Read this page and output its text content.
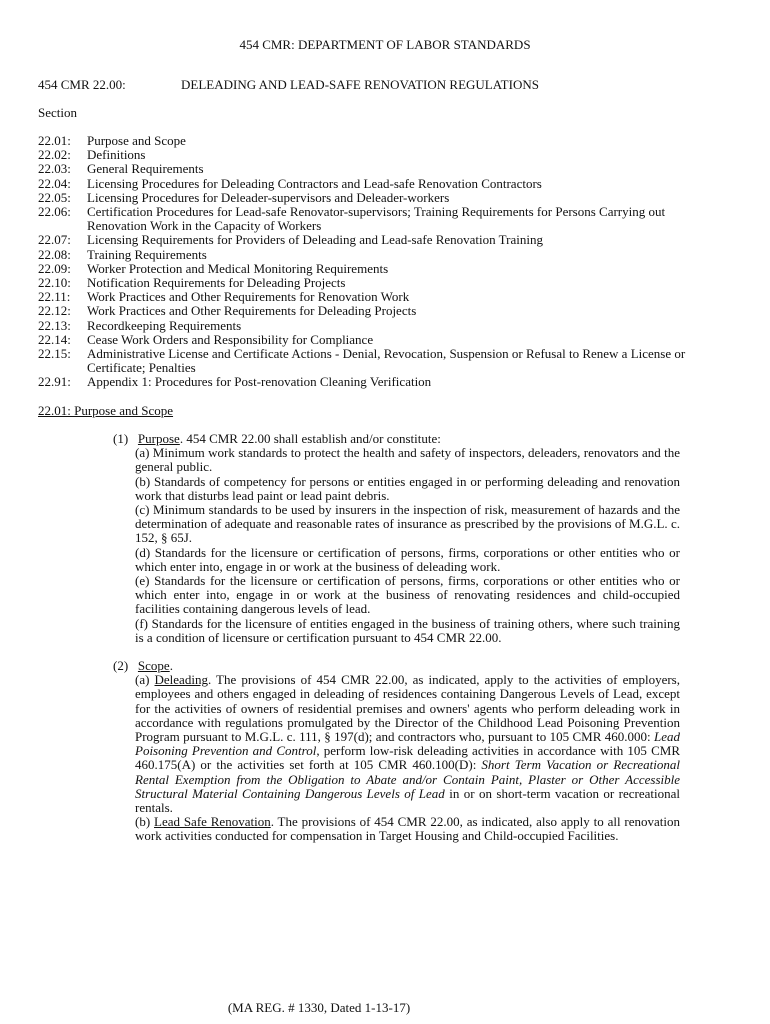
454 CMR: DEPARTMENT OF LABOR STANDARDS
454 CMR 22.00:	DELEADING AND LEAD-SAFE RENOVATION REGULATIONS
Section
22.01:	Purpose and Scope
22.02:	Definitions
22.03:	General Requirements
22.04:	Licensing Procedures for Deleading Contractors and Lead-safe Renovation Contractors
22.05:	Licensing Procedures for Deleader-supervisors and Deleader-workers
22.06:	Certification Procedures for Lead-safe Renovator-supervisors; Training Requirements for Persons Carrying out Renovation Work in the Capacity of Workers
22.07:	Licensing Requirements for Providers of Deleading and Lead-safe Renovation Training
22.08:	Training Requirements
22.09:	Worker Protection and Medical Monitoring Requirements
22.10:	Notification Requirements for Deleading Projects
22.11:	Work Practices and Other Requirements for Renovation Work
22.12:	Work Practices and Other Requirements for Deleading Projects
22.13:	Recordkeeping Requirements
22.14:	Cease Work Orders and Responsibility for Compliance
22.15:	Administrative License and Certificate Actions - Denial, Revocation, Suspension or Refusal to Renew a License or Certificate; Penalties
22.91:	Appendix 1: Procedures for Post-renovation Cleaning Verification
22.01: Purpose and Scope
(1) Purpose. 454 CMR 22.00 shall establish and/or constitute:
(a) Minimum work standards to protect the health and safety of inspectors, deleaders, renovators and the general public.
(b) Standards of competency for persons or entities engaged in or performing deleading and renovation work that disturbs lead paint or lead paint debris.
(c) Minimum standards to be used by insurers in the inspection of risk, measurement of hazards and the determination of adequate and reasonable rates of insurance as prescribed by the provisions of M.G.L. c. 152, § 65J.
(d) Standards for the licensure or certification of persons, firms, corporations or other entities who or which enter into, engage in or work at the business of deleading work.
(e) Standards for the licensure or certification of persons, firms, corporations or other entities who or which enter into, engage in or work at the business of renovating residences and child-occupied facilities containing dangerous levels of lead.
(f) Standards for the licensure of entities engaged in the business of training others, where such training is a condition of licensure or certification pursuant to 454 CMR 22.00.
(2) Scope.
(a) Deleading. The provisions of 454 CMR 22.00, as indicated, apply to the activities of employers, employees and others engaged in deleading of residences containing Dangerous Levels of Lead, except for the activities of owners of residential premises and owners' agents who perform deleading work in accordance with regulations promulgated by the Director of the Childhood Lead Poisoning Prevention Program pursuant to M.G.L. c. 111, § 197(d); and contractors who, pursuant to 105 CMR 460.000: Lead Poisoning Prevention and Control, perform low-risk deleading activities in accordance with 105 CMR 460.175(A) or the activities set forth at 105 CMR 460.100(D): Short Term Vacation or Recreational Rental Exemption from the Obligation to Abate and/or Contain Paint, Plaster or Other Accessible Structural Material Containing Dangerous Levels of Lead in or on short-term vacation or recreational rentals.
(b) Lead Safe Renovation. The provisions of 454 CMR 22.00, as indicated, also apply to all renovation work activities conducted for compensation in Target Housing and Child-occupied Facilities.
(MA REG. # 1330, Dated 1-13-17)
